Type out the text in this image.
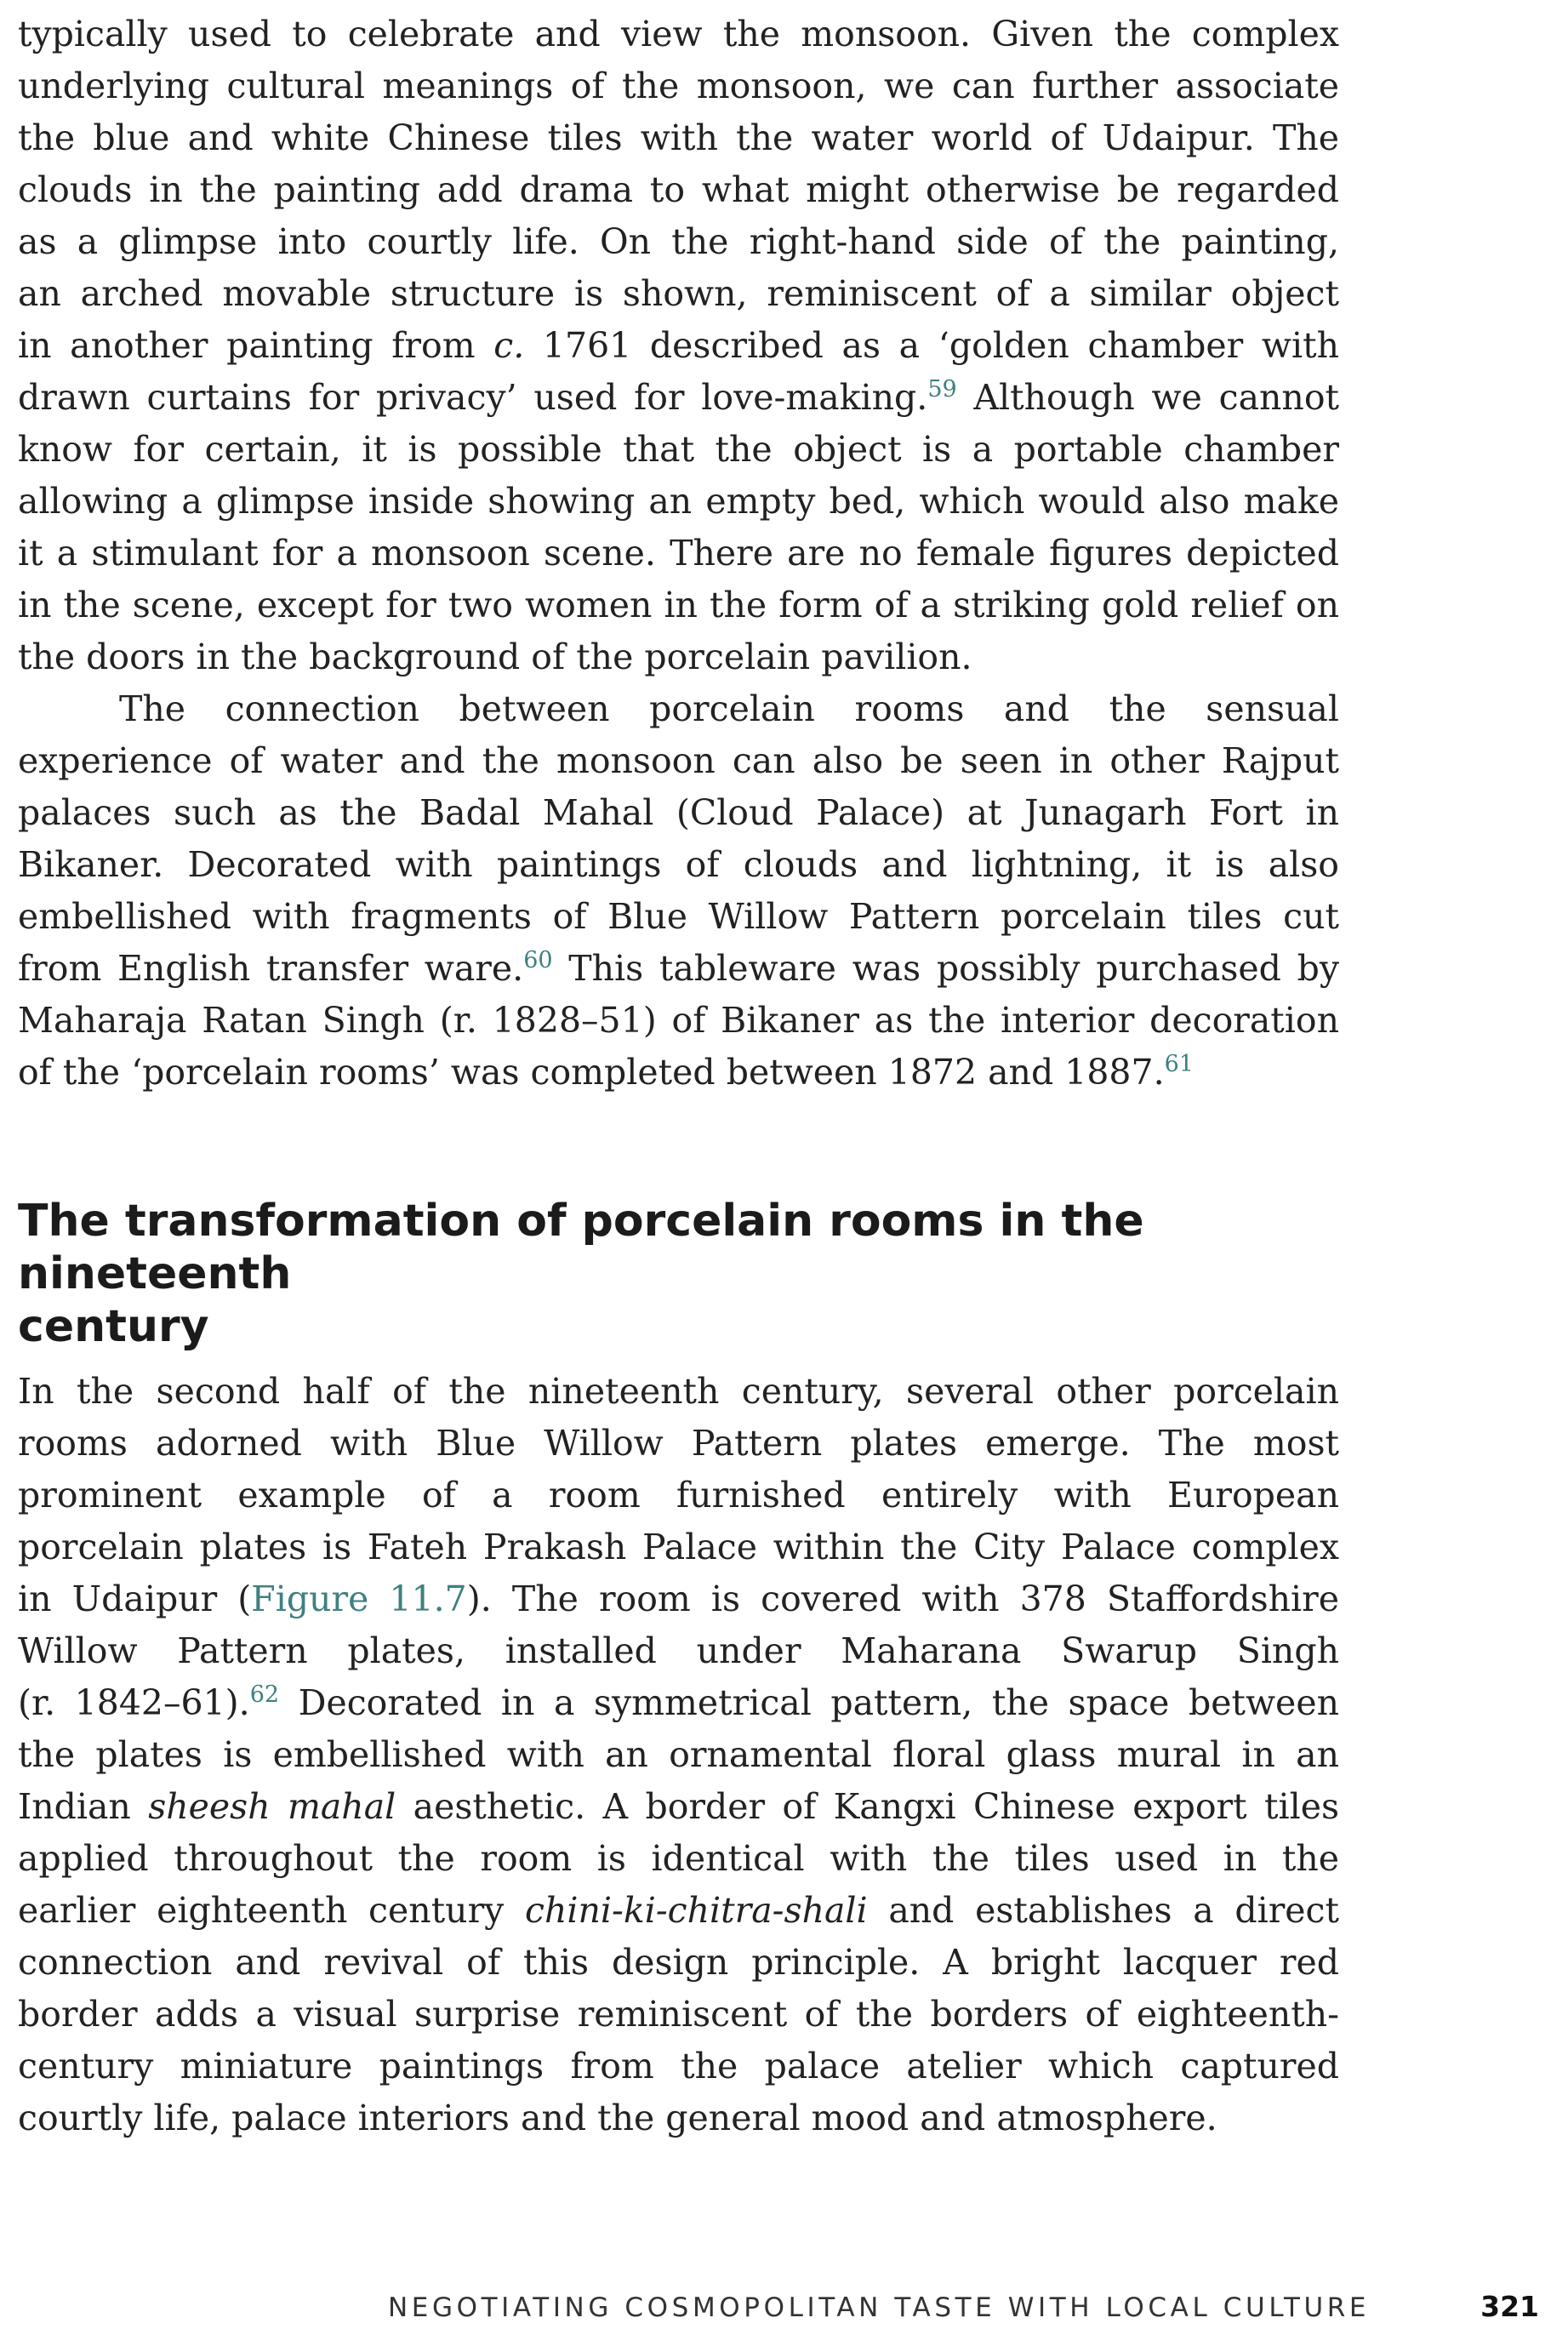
typically used to celebrate and view the monsoon. Given the complex
underlying cultural meanings of the monsoon, we can further associate
the blue and white Chinese tiles with the water world of Udaipur. The
clouds in the painting add drama to what might otherwise be regarded
as a glimpse into courtly life. On the right-hand side of the painting,
an arched movable structure is shown, reminiscent of a similar object
in another painting from c. 1761 described as a ‘golden chamber with
drawn curtains for privacy’ used for love-making.$^{59}$ Although we cannot
know for certain, it is possible that the object is a portable chamber
allowing a glimpse inside showing an empty bed, which would also make
it a stimulant for a monsoon scene. There are no female figures depicted
in the scene, except for two women in the form of a striking gold relief on
the doors in the background of the porcelain pavilion.
The connection between porcelain rooms and the sensual
experience of water and the monsoon can also be seen in other Rajput
palaces such as the Badal Mahal (Cloud Palace) at Junagarh Fort in
Bikaner. Decorated with paintings of clouds and lightning, it is also
embellished with fragments of Blue Willow Pattern porcelain tiles cut
from English transfer ware.$^{60}$ This tableware was possibly purchased by
Maharaja Ratan Singh (r. 1828–51) of Bikaner as the interior decoration
of the ‘porcelain rooms’ was completed between 1872 and 1887.61
The transformation of porcelain rooms in the nineteenth
century
In the second half of the nineteenth century, several other porcelain
rooms adorned with Blue Willow Pattern plates emerge. The most
prominent example of a room furnished entirely with European
porcelain plates is Fateh Prakash Palace within the City Palace complex
in Udaipur (Figure 11.7). The room is covered with 378 Staffordshire
Willow Pattern plates, installed under Maharana Swarup Singh
(r. 1842–61).$^{62}$ Decorated in a symmetrical pattern, the space between
the plates is embellished with an ornamental floral glass mural in an
Indian sheesh mahal aesthetic. A border of Kangxi Chinese export tiles
applied throughout the room is identical with the tiles used in the
earlier eighteenth century chini-ki-chitra-shali and establishes a direct
connection and revival of this design principle. A bright lacquer red
border adds a visual surprise reminiscent of the borders of eighteenth-
century miniature paintings from the palace atelier which captured
courtly life, palace interiors and the general mood and atmosphere.
NEGOTIATING COSMOPOLITAN TASTE WITH LOCAL CULTURE	321
